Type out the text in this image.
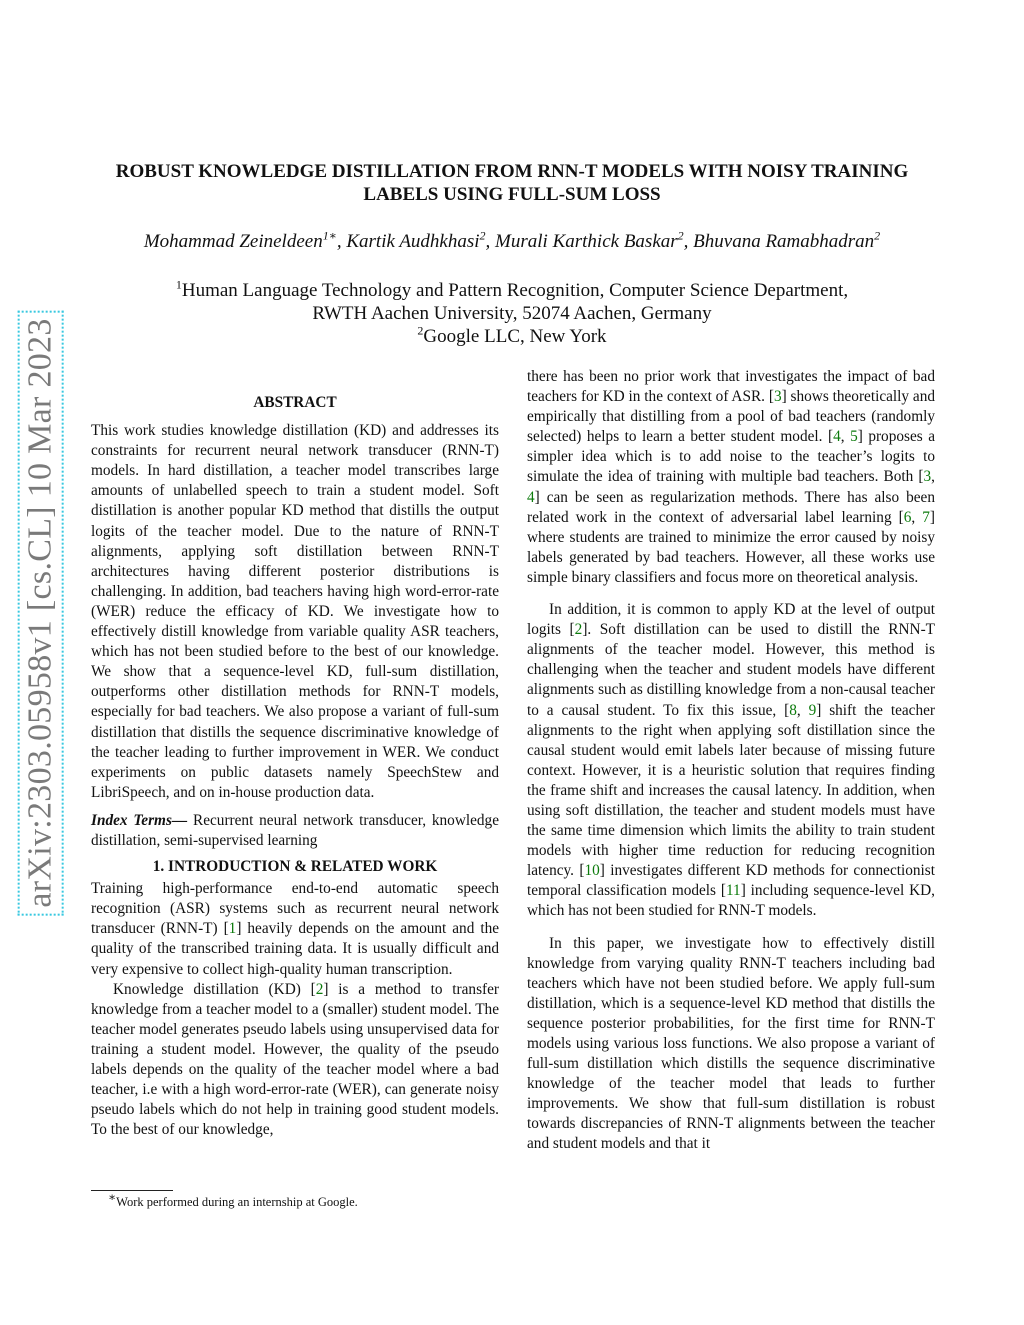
arXiv:2303.05958v1 [cs.CL] 10 Mar 2023
ROBUST KNOWLEDGE DISTILLATION FROM RNN-T MODELS WITH NOISY TRAINING
LABELS USING FULL-SUM LOSS
Mohammad Zeineldeen$^{1∗}$, Kartik Audhkhasi$^2$, Murali Karthick Baskar$^2$, Bhuvana Ramabhadran$^2$
$^1$Human Language Technology and Pattern Recognition, Computer Science Department,
RWTH Aachen University, 52074 Aachen, Germany
$^2$Google LLC, New York
ABSTRACT

This work studies knowledge distillation (KD) and addresses its constraints for recurrent neural network transducer (RNN-T) models. In hard distillation, a teacher model transcribes large amounts of unlabelled speech to train a student model. Soft distillation is another popular KD method that distills the output logits of the teacher model. Due to the nature of RNN-T alignments, applying soft distillation between RNN-T architectures having different posterior distributions is challenging. In addition, bad teachers having high word-error-rate (WER) reduce the efficacy of KD. We investigate how to effectively distill knowledge from variable quality ASR teachers, which has not been studied before to the best of our knowledge. We show that a sequence-level KD, full-sum distillation, outperforms other distillation methods for RNN-T models, especially for bad teachers. We also propose a variant of full-sum distillation that distills the sequence discriminative knowledge of the teacher leading to further improvement in WER. We conduct experiments on public datasets namely SpeechStew and LibriSpeech, and on in-house production data.

Index Terms— Recurrent neural network transducer, knowledge distillation, semi-supervised learning

1. INTRODUCTION & RELATED WORK

Training high-performance end-to-end automatic speech recognition (ASR) systems such as recurrent neural network transducer (RNN-T) [1] heavily depends on the amount and the quality of the transcribed training data. It is usually difficult and very expensive to collect high-quality human transcription.

Knowledge distillation (KD) [2] is a method to transfer knowledge from a teacher model to a (smaller) student model. The teacher model generates pseudo labels using unsupervised data for training a student model. However, the quality of the pseudo labels depends on the quality of the teacher model where a bad teacher, i.e with a high word-error-rate (WER), can generate noisy pseudo labels which do not help in training good student models. To the best of our knowledge,

there has been no prior work that investigates the impact of bad teachers for KD in the context of ASR. [3] shows theoretically and empirically that distilling from a pool of bad teachers (randomly selected) helps to learn a better student model. [4, 5] proposes a simpler idea which is to add noise to the teacher’s logits to simulate the idea of training with multiple bad teachers. Both [3, 4] can be seen as regularization methods. There has also been related work in the context of adversarial label learning [6, 7] where students are trained to minimize the error caused by noisy labels generated by bad teachers. However, all these works use simple binary classifiers and focus more on theoretical analysis.

In addition, it is common to apply KD at the level of output logits [2]. Soft distillation can be used to distill the RNN-T alignments of the teacher model. However, this method is challenging when the teacher and student models have different alignments such as distilling knowledge from a non-causal teacher to a causal student. To fix this issue, [8, 9] shift the teacher alignments to the right when applying soft distillation since the causal student would emit labels later because of missing future context. However, it is a heuristic solution that requires finding the frame shift and increases the causal latency. In addition, when using soft distillation, the teacher and student models must have the same time dimension which limits the ability to train student models with higher time reduction for reducing recognition latency. [10] investigates different KD methods for connectionist temporal classification models [11] including sequence-level KD, which has not been studied for RNN-T models.

In this paper, we investigate how to effectively distill knowledge from varying quality RNN-T teachers including bad teachers which have not been studied before. We apply full-sum distillation, which is a sequence-level KD method that distills the sequence posterior probabilities, for the first time for RNN-T models using various loss functions. We also propose a variant of full-sum distillation which distills the sequence discriminative knowledge of the teacher model that leads to further improvements. We show that full-sum distillation is robust towards discrepancies of RNN-T alignments between the teacher and student models and that it

∗Work performed during an internship at Google.
